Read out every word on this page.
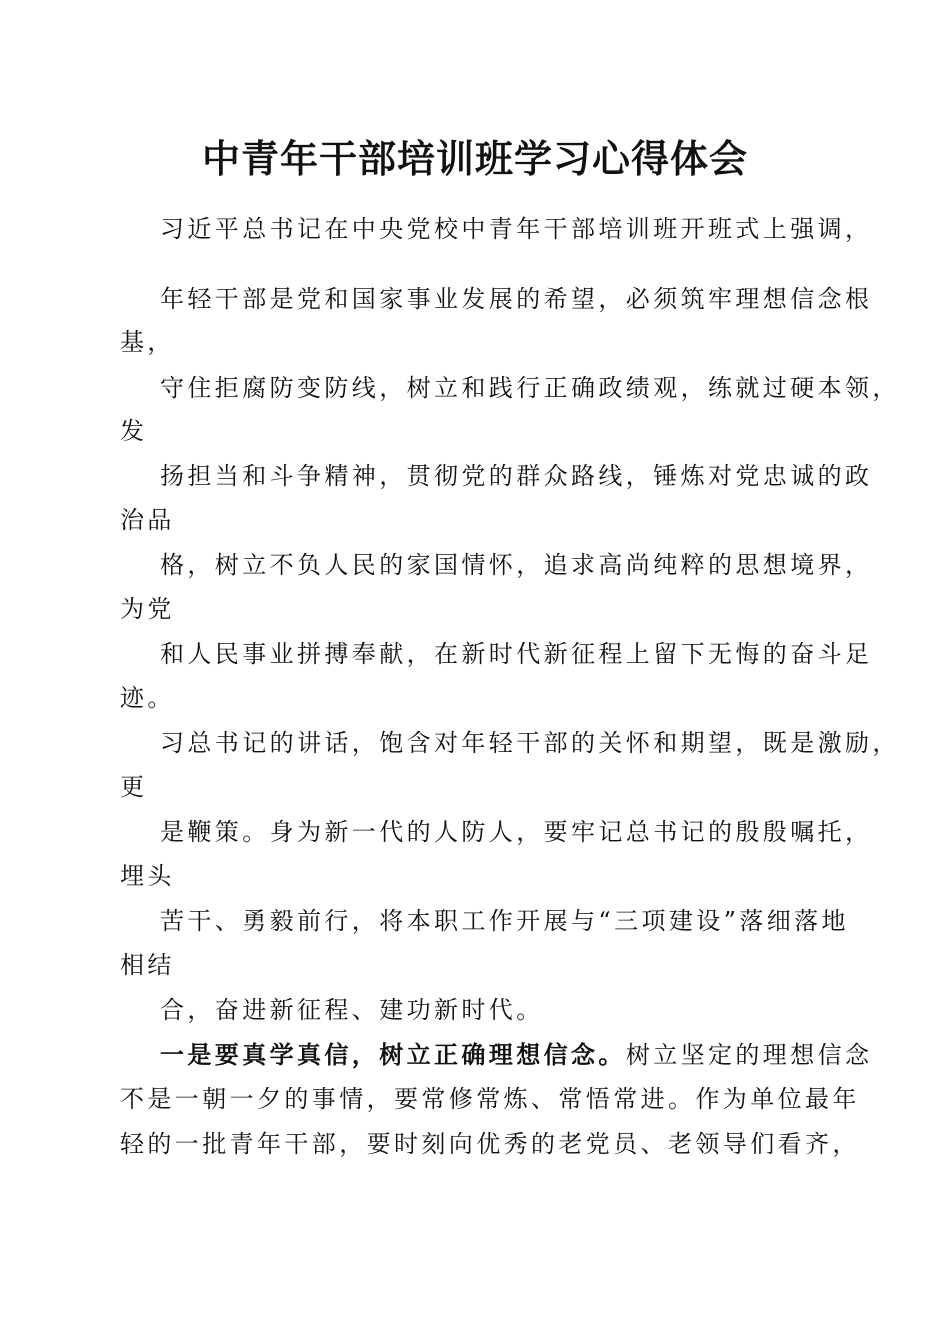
中青年干部培训班学习心得体会

习近平总书记在中央党校中青年干部培训班开班式上强调，

年轻干部是党和国家事业发展的希望，必须筑牢理想信念根

基，

守住拒腐防变防线，树立和践行正确政绩观，练就过硬本领，

发

扬担当和斗争精神，贯彻党的群众路线，锤炼对党忠诚的政

治品

格，树立不负人民的家国情怀，追求高尚纯粹的思想境界，

为党

和人民事业拼搏奉献，在新时代新征程上留下无悔的奋斗足

迹。

习总书记的讲话，饱含对年轻干部的关怀和期望，既是激励，

更

是鞭策。身为新一代的人防人，要牢记总书记的殷殷嘱托，

埋头

苦干、勇毅前行，将本职工作开展与“三项建设”落细落地

相结

合，奋进新征程、建功新时代。

一是要真学真信，树立正确理想信念。树立坚定的理想信念

不是一朝一夕的事情，要常修常炼、常悟常进。作为单位最年

轻的一批青年干部，要时刻向优秀的老党员、老领导们看齐，
